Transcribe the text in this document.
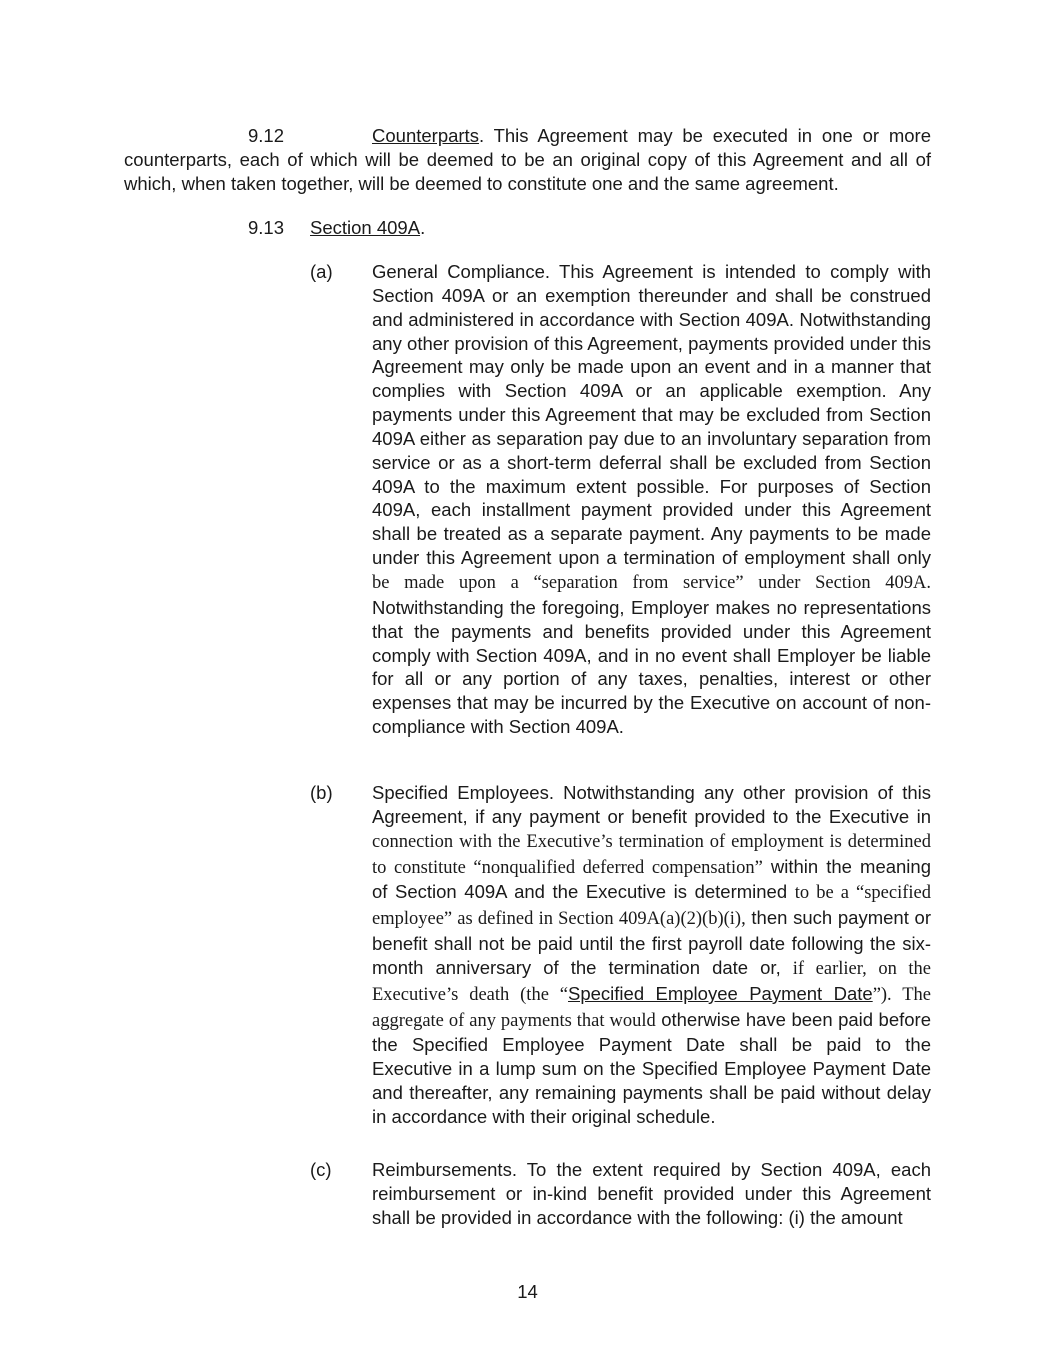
9.12	Counterparts. This Agreement may be executed in one or more counterparts, each of which will be deemed to be an original copy of this Agreement and all of which, when taken together, will be deemed to constitute one and the same agreement.

9.13 Section 409A.

(a) General Compliance. This Agreement is intended to comply with Section 409A or an exemption thereunder and shall be construed and administered in accordance with Section 409A. Notwithstanding any other provision of this Agreement, payments provided under this Agreement may only be made upon an event and in a manner that complies with Section 409A or an applicable exemption. Any payments under this Agreement that may be excluded from Section 409A either as separation pay due to an involuntary separation from service or as a short-term deferral shall be excluded from Section 409A to the maximum extent possible. For purposes of Section 409A, each installment payment provided under this Agreement shall be treated as a separate payment. Any payments to be made under this Agreement upon a termination of employment shall only be made upon a “separation from service” under Section 409A. Notwithstanding the foregoing, Employer makes no representations that the payments and benefits provided under this Agreement comply with Section 409A, and in no event shall Employer be liable for all or any portion of any taxes, penalties, interest or other expenses that may be incurred by the Executive on account of non-compliance with Section 409A.
(b) Specified Employees. Notwithstanding any other provision of this Agreement, if any payment or benefit provided to the Executive in connection with the Executive’s termination of employment is determined to constitute “nonqualified deferred compensation” within the meaning of Section 409A and the Executive is determined to be a “specified employee” as defined in Section 409A(a)(2)(b)(i), then such payment or benefit shall not be paid until the first payroll date following the six-month anniversary of the termination date or, if earlier, on the Executive’s death (the “Specified Employee Payment Date”). The aggregate of any payments that would otherwise have been paid before the Specified Employee Payment Date shall be paid to the Executive in a lump sum on the Specified Employee Payment Date and thereafter, any remaining payments shall be paid without delay in accordance with their original schedule.
(c) Reimbursements. To the extent required by Section 409A, each reimbursement or in-kind benefit provided under this Agreement shall be provided in accordance with the following: (i) the amount

14
